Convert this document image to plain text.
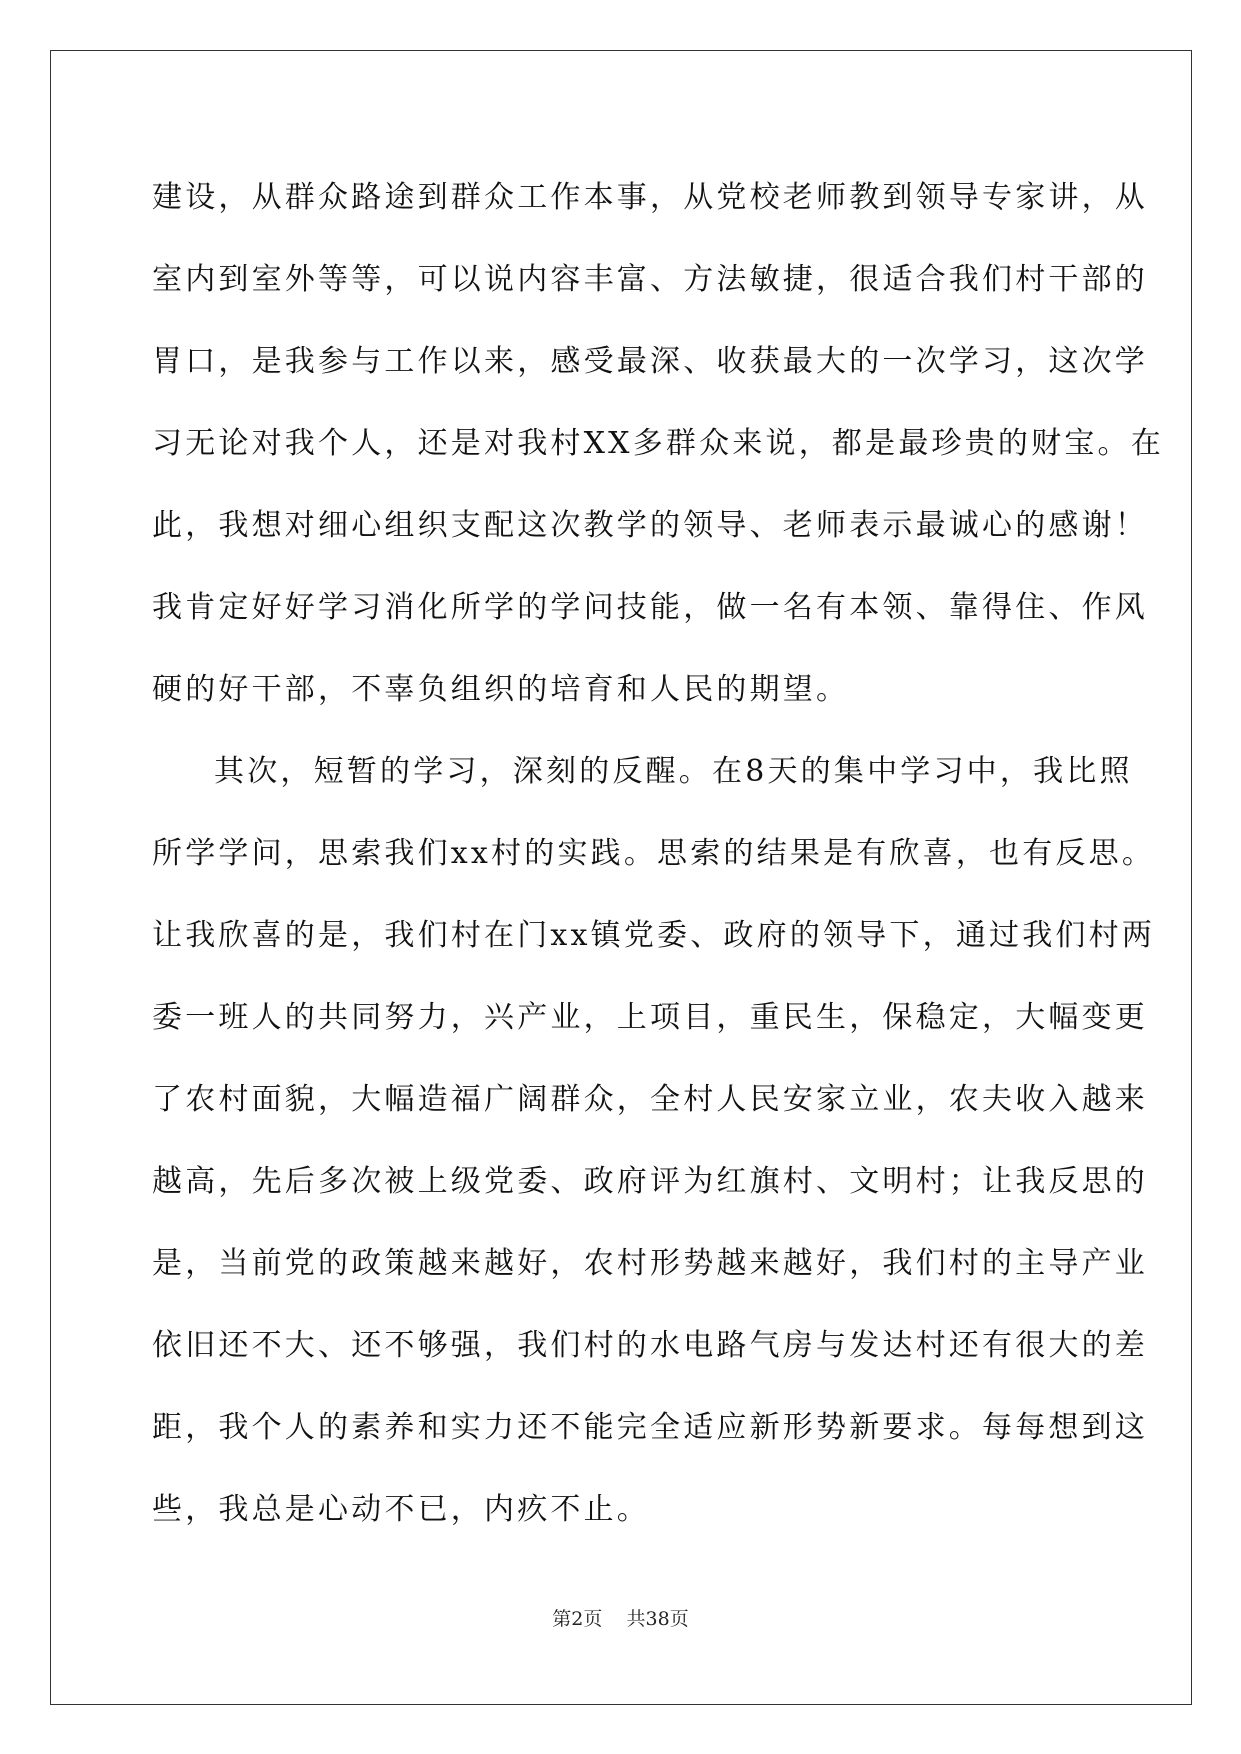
建设，从群众路途到群众工作本事，从党校老师教到领导专家讲，从
室内到室外等等，可以说内容丰富、方法敏捷，很适合我们村干部的
胃口，是我参与工作以来，感受最深、收获最大的一次学习，这次学
习无论对我个人，还是对我村XX多群众来说，都是最珍贵的财宝。在
此，我想对细心组织支配这次教学的领导、老师表示最诚心的感谢！
我肯定好好学习消化所学的学问技能，做一名有本领、靠得住、作风
硬的好干部，不辜负组织的培育和人民的期望。
其次，短暂的学习，深刻的反醒。在8天的集中学习中，我比照
所学学问，思索我们xx村的实践。思索的结果是有欣喜，也有反思。
让我欣喜的是，我们村在门xx镇党委、政府的领导下，通过我们村两
委一班人的共同努力，兴产业，上项目，重民生，保稳定，大幅变更
了农村面貌，大幅造福广阔群众，全村人民安家立业，农夫收入越来
越高，先后多次被上级党委、政府评为红旗村、文明村；让我反思的
是，当前党的政策越来越好，农村形势越来越好，我们村的主导产业
依旧还不大、还不够强，我们村的水电路气房与发达村还有很大的差
距，我个人的素养和实力还不能完全适应新形势新要求。每每想到这
些，我总是心动不已，内疚不止。
第2页 共38页
